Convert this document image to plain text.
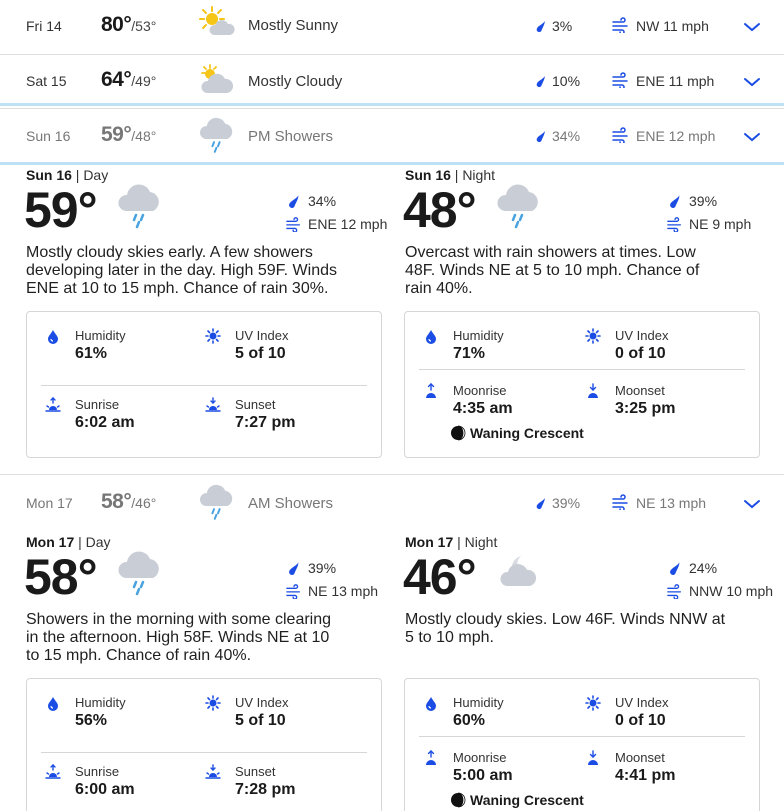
Fri 14 80°/53°	Mostly Sunny	3%	NW 11 mph
Sat 15 64°/49°	Mostly Cloudy	10%	ENE 11 mph
Sun 16 59°/48°	PM Showers	34%	ENE 12 mph
Sun 16 | Day
59°	34%
ENE 12 mph
Mostly cloudy skies early. A few showers developing later in the day. High 59F. Winds ENE at 10 to 15 mph. Chance of rain 30%.
Humidity
61%
UV Index
5 of 10
Sunrise
6:02 am
Sunset
7:27 pm
Sun 16 | Night
48°	39%
NE 9 mph
Overcast with rain showers at times. Low 48F. Winds NE at 5 to 10 mph. Chance of rain 40%.
Humidity
71%
UV Index
0 of 10
Moonrise
4:35 am
Moonset
3:25 pm
Waning Crescent
Mon 17 58°/46°	AM Showers	39%	NE 13 mph
Mon 17 | Day
58°	39%
NE 13 mph
Showers in the morning with some clearing in the afternoon. High 58F. Winds NE at 10 to 15 mph. Chance of rain 40%.
Humidity
56%
UV Index
5 of 10
Sunrise
6:00 am
Sunset
7:28 pm
Mon 17 | Night
46°	24%
NNW 10 mph
Mostly cloudy skies. Low 46F. Winds NNW at 5 to 10 mph.
Humidity
60%
UV Index
0 of 10
Moonrise
5:00 am
Moonset
4:41 pm
Waning Crescent
